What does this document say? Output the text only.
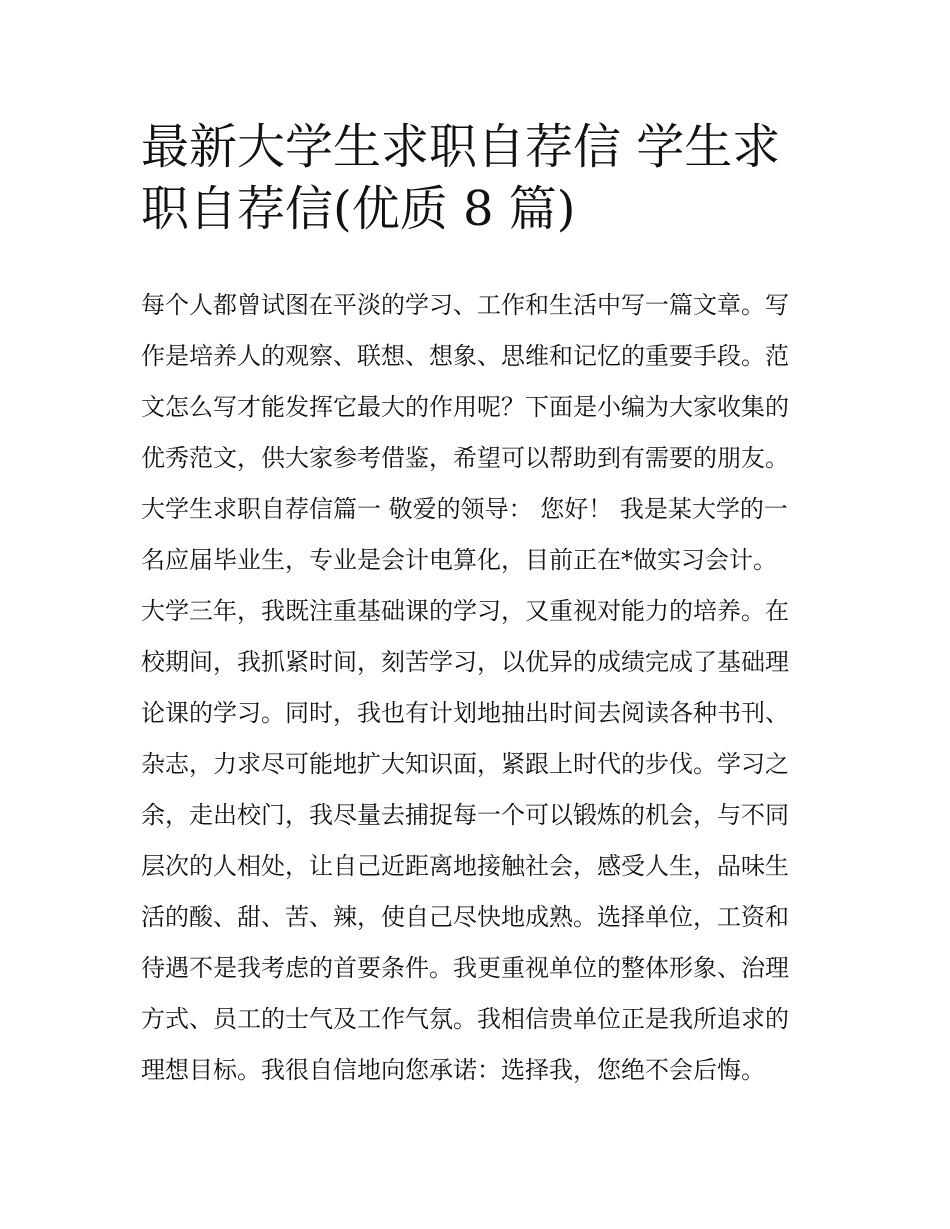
最新大学生求职自荐信 学生求
职自荐信(优质 8 篇)
每个人都曾试图在平淡的学习、工作和生活中写一篇文章。写
作是培养人的观察、联想、想象、思维和记忆的重要手段。范
文怎么写才能发挥它最大的作用呢？下面是小编为大家收集的
优秀范文，供大家参考借鉴，希望可以帮助到有需要的朋友。
大学生求职自荐信篇一 敬爱的领导： 您好！ 我是某大学的一
名应届毕业生，专业是会计电算化，目前正在*做实习会计。
大学三年，我既注重基础课的学习，又重视对能力的培养。在
校期间，我抓紧时间，刻苦学习，以优异的成绩完成了基础理
论课的学习。同时，我也有计划地抽出时间去阅读各种书刊、
杂志，力求尽可能地扩大知识面，紧跟上时代的步伐。学习之
余，走出校门，我尽量去捕捉每一个可以锻炼的机会，与不同
层次的人相处，让自己近距离地接触社会，感受人生，品味生
活的酸、甜、苦、辣，使自己尽快地成熟。选择单位，工资和
待遇不是我考虑的首要条件。我更重视单位的整体形象、治理
方式、员工的士气及工作气氛。我相信贵单位正是我所追求的
理想目标。我很自信地向您承诺：选择我，您绝不会后悔。
